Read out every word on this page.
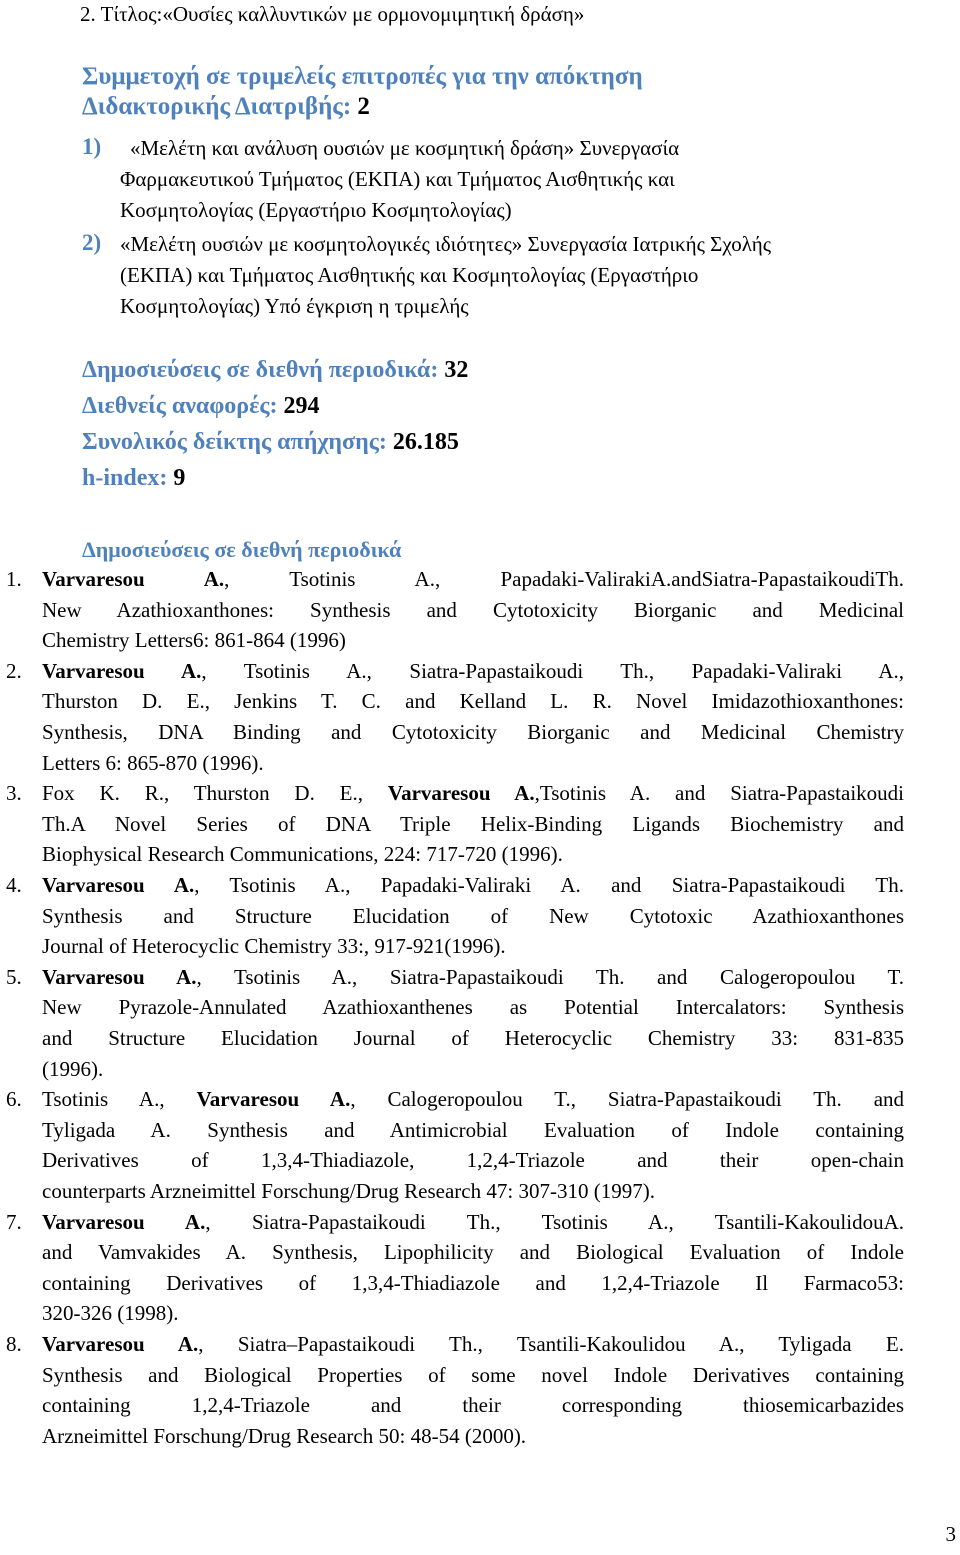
2. Τίτλος:«Ουσίες καλλυντικών με ορμονομιμητική δράση»
Συμμετοχή σε τριμελείς επιτροπές για την απόκτηση
Διδακτορικής Διατριβής: 2
1) «Μελέτη και ανάλυση ουσιών με κοσμητική δράση» Συνεργασία
Φαρμακευτικού Τμήματος (ΕΚΠΑ) και Τμήματος Αισθητικής και
Κοσμητολογίας (Εργαστήριο Κοσμητολογίας)
2) «Μελέτη ουσιών με κοσμητολογικές ιδιότητες» Συνεργασία Ιατρικής Σχολής
(ΕΚΠΑ) και Τμήματος Αισθητικής και Κοσμητολογίας (Εργαστήριο
Κοσμητολογίας) Υπό έγκριση η τριμελής
Δημοσιεύσεις σε διεθνή περιοδικά: 32
Διεθνείς αναφορές: 294
Συνολικός δείκτης απήχησης: 26.185
h-index: 9
Δημοσιεύσεις σε διεθνή περιοδικά
1. Varvaresou A., Tsotinis A., Papadaki-ValirakiA.andSiatra-PapastaikoudiTh.
New Azathioxanthones: Synthesis and Cytotoxicity Biorganic and Medicinal
Chemistry Letters6: 861-864 (1996)
2. Varvaresou A., Tsotinis A., Siatra-Papastaikoudi Th., Papadaki-Valiraki A.,
Thurston D. E., Jenkins T. C. and Kelland L. R. Novel Imidazothioxanthones:
Synthesis, DNA Binding and Cytotoxicity Biorganic and Medicinal Chemistry
Letters 6: 865-870 (1996).
3. Fox K. R., Thurston D. E., Varvaresou A.,Tsotinis A. and Siatra-Papastaikoudi
Th.A Novel Series of DNA Triple Helix-Binding Ligands Biochemistry and
Biophysical Research Communications, 224: 717-720 (1996).
4. Varvaresou A., Tsotinis A., Papadaki-Valiraki A. and Siatra-Papastaikoudi Th.
Synthesis and Structure Elucidation of New Cytotoxic Azathioxanthones
Journal of Heterocyclic Chemistry 33:, 917-921(1996).
5. Varvaresou A., Tsotinis A., Siatra-Papastaikoudi Th. and Calogeropoulou T.
New Pyrazole-Annulated Azathioxanthenes as Potential Intercalators: Synthesis
and Structure Elucidation Journal of Heterocyclic Chemistry 33: 831-835
(1996).
6. Tsotinis A., Varvaresou A., Calogeropoulou T., Siatra-Papastaikoudi Th. and
Tyligada A. Synthesis and Antimicrobial Evaluation of Indole containing
Derivatives of 1,3,4-Thiadiazole, 1,2,4-Triazole and their open-chain
counterparts Arzneimittel Forschung/Drug Research 47: 307-310 (1997).
7. Varvaresou A., Siatra-Papastaikoudi Th., Tsotinis A., Tsantili-KakoulidouA.
and Vamvakides A. Synthesis, Lipophilicity and Biological Evaluation of Indole
containing Derivatives of 1,3,4-Thiadiazole and 1,2,4-Triazole Il Farmaco53:
320-326 (1998).
8. Varvaresou A., Siatra–Papastaikoudi Th., Tsantili-Kakoulidou A., Tyligada E.
Synthesis and Biological Properties of some novel Indole Derivatives containing
containing 1,2,4-Triazole and their corresponding thiosemicarbazides
Arzneimittel Forschung/Drug Research 50: 48-54 (2000).
3
